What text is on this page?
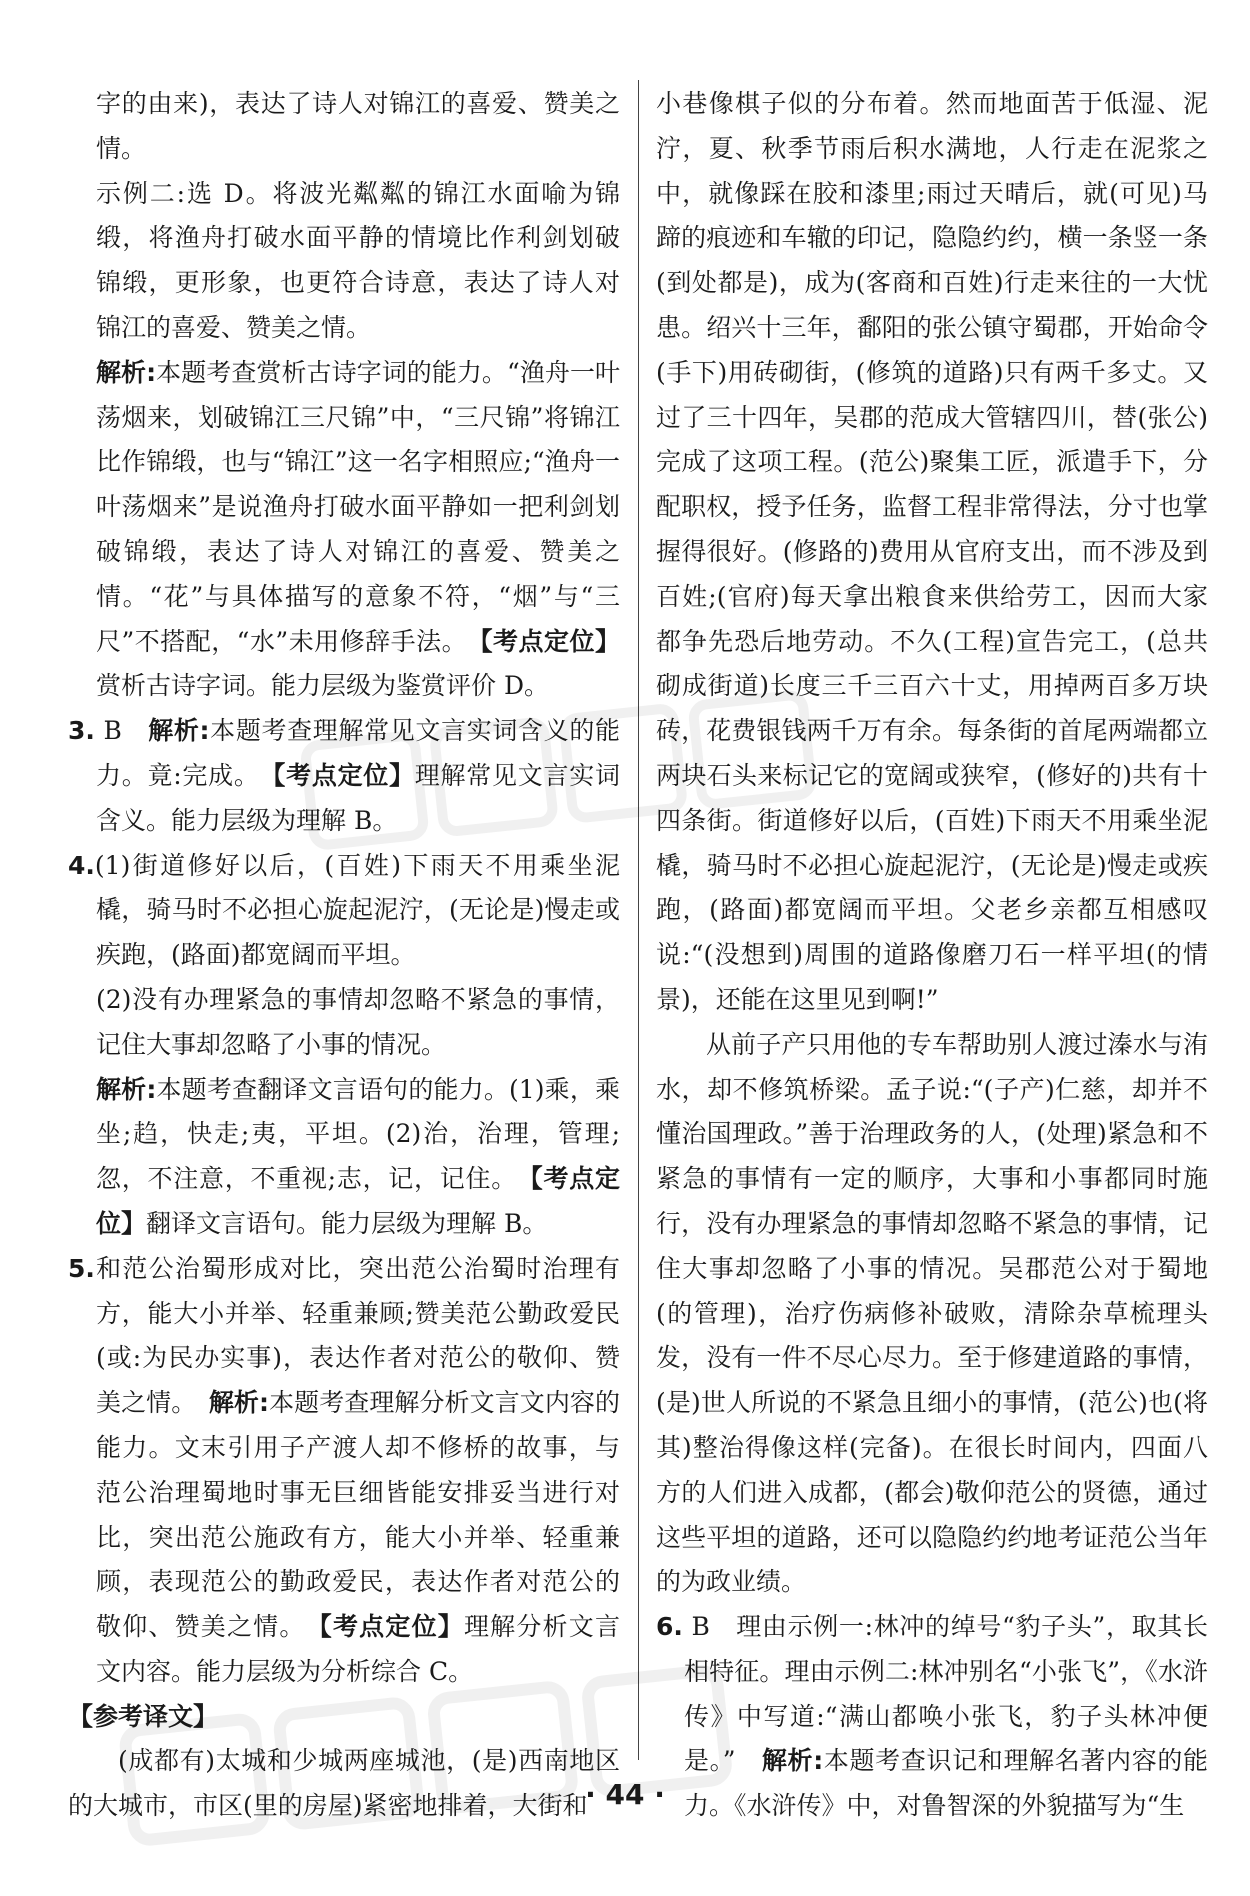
字的由来)，表达了诗人对锦江的喜爱、赞美之情。

示例二:选 D。将波光粼粼的锦江水面喻为锦缎，将渔舟打破水面平静的情境比作利剑划破锦缎，更形象，也更符合诗意，表达了诗人对锦江的喜爱、赞美之情。

解析:本题考查赏析古诗字词的能力。“渔舟一叶荡烟来，划破锦江三尺锦”中，“三尺锦”将锦江比作锦缎，也与“锦江”这一名字相照应;“渔舟一叶荡烟来”是说渔舟打破水面平静如一把利剑划破锦缎，表达了诗人对锦江的喜爱、赞美之情。“花”与具体描写的意象不符，“烟”与“三尺”不搭配，“水”未用修辞手法。　 【考点定位】赏析古诗字词。能力层级为鉴赏评价 D。

3. B　解析:本题考查理解常见文言实词含义的能力。竟:完成。　【考点定位】理解常见文言实词含义。能力层级为理解 B。

4.(1)街道修好以后，(百姓)下雨天不用乘坐泥橇，骑马时不必担心旋起泥泞，(无论是)慢走或疾跑，(路面)都宽阔而平坦。

(2)没有办理紧急的事情却忽略不紧急的事情，记住大事却忽略了小事的情况。

解析:本题考查翻译文言语句的能力。(1)乘，乘坐;趋，快走;夷，平坦。(2)治，治理，管理;忽，不注意，不重视;志，记，记住。　【考点定位】翻译文言语句。能力层级为理解 B。

5.和范公治蜀形成对比，突出范公治蜀时治理有方，能大小并举、轻重兼顾;赞美范公勤政爱民(或:为民办实事)，表达作者对范公的敬仰、赞美之情。　解析:本题考查理解分析文言文内容的能力。文末引用子产渡人却不修桥的故事，与范公治理蜀地时事无巨细皆能安排妥当进行对比，突出范公施政有方，能大小并举、轻重兼顾，表现范公的勤政爱民，表达作者对范公的敬仰、赞美之情。　【考点定位】理解分析文言文内容。能力层级为分析综合 C。

【参考译文】

(成都有)太城和少城两座城池，(是)西南地区的大城市，市区(里的房屋)紧密地排着，大街和

小巷像棋子似的分布着。然而地面苦于低湿、泥泞，夏、秋季节雨后积水满地，人行走在泥浆之中，就像踩在胶和漆里;雨过天晴后，就(可见)马蹄的痕迹和车辙的印记，隐隐约约，横一条竖一条(到处都是)，成为(客商和百姓)行走来往的一大忧患。绍兴十三年，鄱阳的张公镇守蜀郡，开始命令(手下)用砖砌街，(修筑的道路)只有两千多丈。又过了三十四年，吴郡的范成大管辖四川，替(张公)完成了这项工程。(范公)聚集工匠，派遣手下，分配职权，授予任务，监督工程非常得法，分寸也掌握得很好。(修路的)费用从官府支出，而不涉及到百姓;(官府)每天拿出粮食来供给劳工，因而大家都争先恐后地劳动。不久(工程)宣告完工，(总共砌成街道)长度三千三百六十丈，用掉两百多万块砖，花费银钱两千万有余。每条街的首尾两端都立两块石头来标记它的宽阔或狭窄，(修好的)共有十四条街。街道修好以后，(百姓)下雨天不用乘坐泥橇，骑马时不必担心旋起泥泞，(无论是)慢走或疾跑，(路面)都宽阔而平坦。父老乡亲都互相感叹说:“(没想到)周围的道路像磨刀石一样平坦(的情景)，还能在这里见到啊!”

从前子产只用他的专车帮助别人渡过溱水与洧水，却不修筑桥梁。孟子说:“(子产)仁慈，却并不懂治国理政。”善于治理政务的人，(处理)紧急和不紧急的事情有一定的顺序，大事和小事都同时施行，没有办理紧急的事情却忽略不紧急的事情，记住大事却忽略了小事的情况。吴郡范公对于蜀地(的管理)，治疗伤病修补破败，清除杂草梳理头发，没有一件不尽心尽力。至于修建道路的事情，(是)世人所说的不紧急且细小的事情，(范公)也(将其)整治得像这样(完备)。在很长时间内，四面八方的人们进入成都，(都会)敬仰范公的贤德，通过这些平坦的道路，还可以隐隐约约地考证范公当年的为政业绩。

6. B　理由示例一:林冲的绰号“豹子头”，取其长相特征。理由示例二:林冲别名“小张飞”，《水浒传》中写道:“满山都唤小张飞，豹子头林冲便是。”　解析:本题考查识记和理解名著内容的能力。《水浒传》中，对鲁智深的外貌描写为“生

· 44 ·
